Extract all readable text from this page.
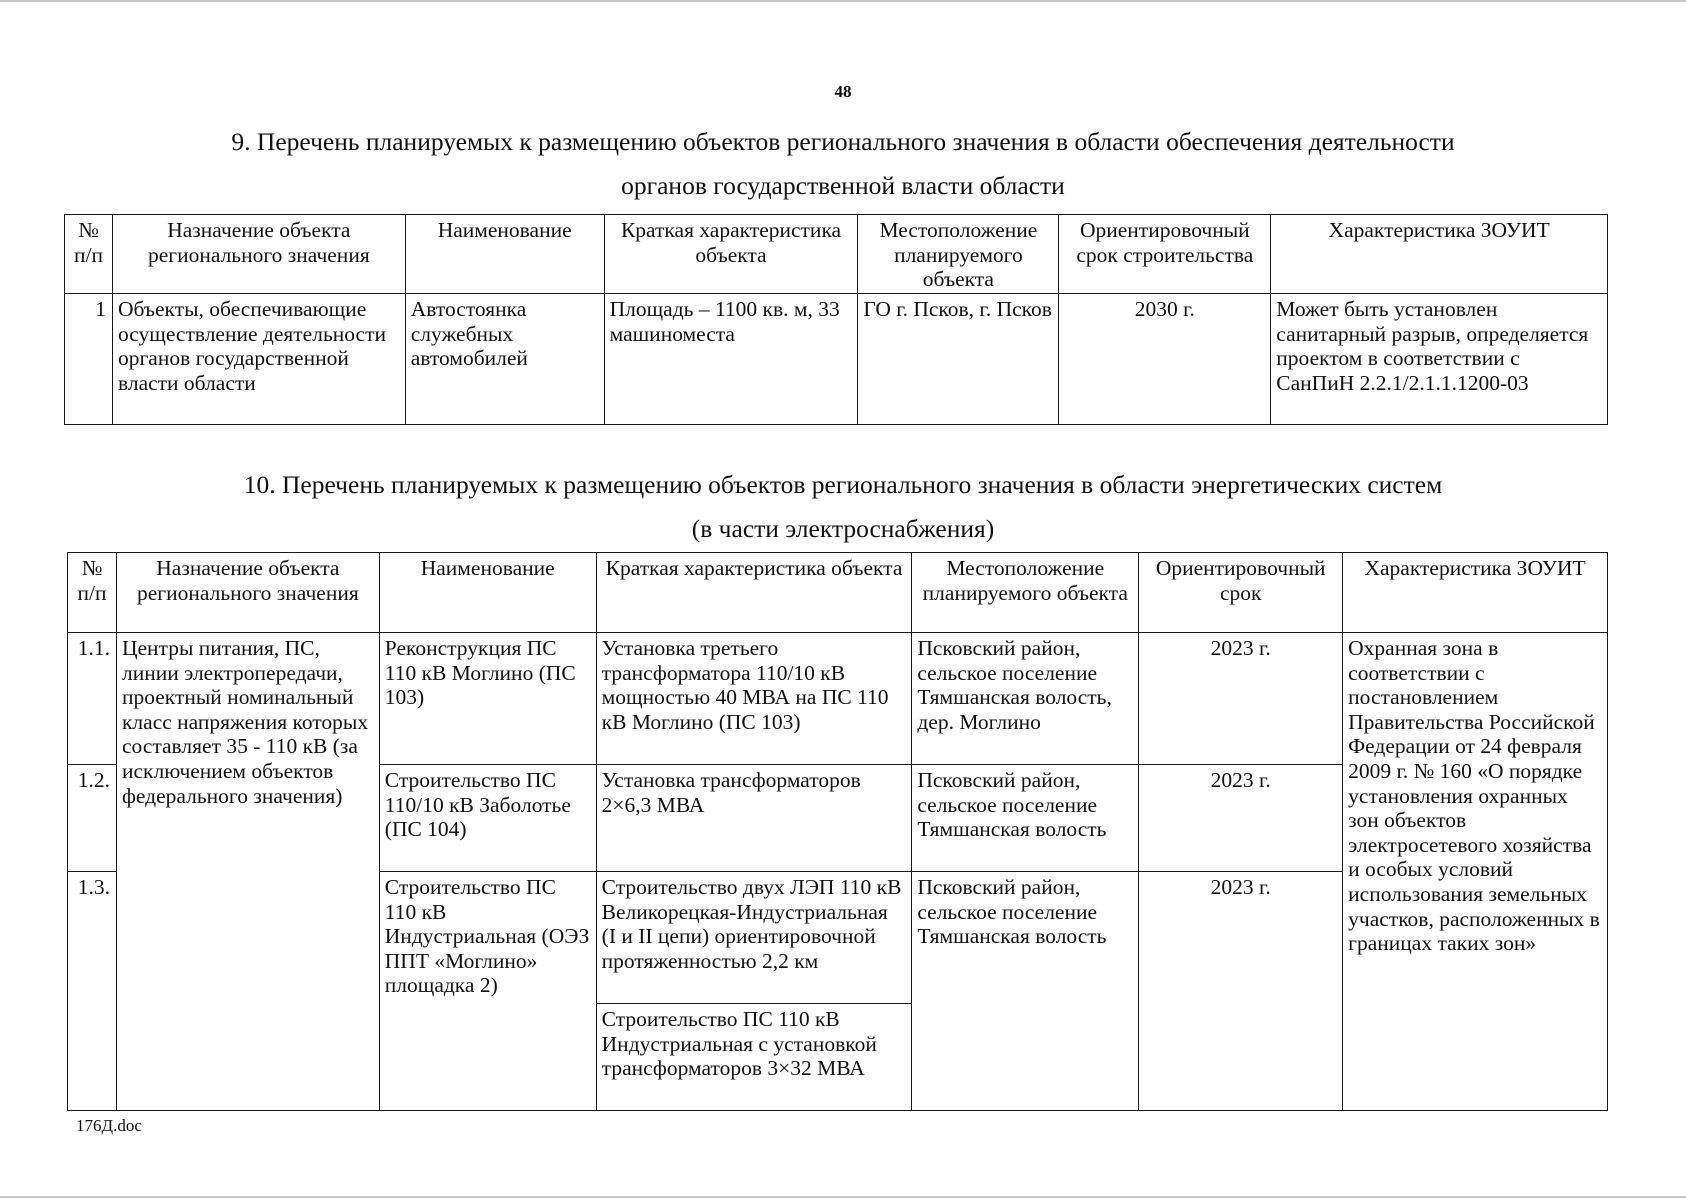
48
9. Перечень планируемых к размещению объектов регионального значения в области обеспечения деятельности
органов государственной власти области
№ п/п	Назначение объекта регионального значения	Наименование	Краткая характеристика объекта	Местоположение планируемого объекта	Ориентировочный срок строительства	Характеристика ЗОУИТ
1	Объекты, обеспечивающие осуществление деятельности органов государственной власти области	Автостоянка служебных автомобилей	Площадь – 1100 кв. м, 33 машиноместа	ГО г. Псков, г. Псков	2030 г.	Может быть установлен санитарный разрыв, определяется проектом в соответствии с СанПиН 2.2.1/2.1.1.1200-03
10. Перечень планируемых к размещению объектов регионального значения в области энергетических систем
(в части электроснабжения)
№ п/п	Назначение объекта регионального значения	Наименование	Краткая характеристика объекта	Местоположение планируемого объекта	Ориентировочный срок	Характеристика ЗОУИТ
1.1.	Центры питания, ПС, линии электропередачи, проектный номинальный класс напряжения которых составляет 35 - 110 кВ (за исключением объектов федерального значения)	Реконструкция ПС 110 кВ Моглино (ПС 103)	Установка третьего трансформатора 110/10 кВ мощностью 40 МВА на ПС 110 кВ Моглино (ПС 103)	Псковский район, сельское поселение Тямшанская волость, дер. Моглино	2023 г.	Охранная зона в соответствии с постановлением Правительства Российской Федерации от 24 февраля 2009 г. № 160 «О порядке установления охранных зон объектов электросетевого хозяйства и особых условий использования земельных участков, расположенных в границах таких зон»
1.2.		Строительство ПС 110/10 кВ Заболотье (ПС 104)	Установка трансформаторов 2×6,3 МВА	Псковский район, сельское поселение Тямшанская волость	2023 г.	
1.3.		Строительство ПС 110 кВ Индустриальная (ОЭЗ ППТ «Моглино» площадка 2)	Строительство двух ЛЭП 110 кВ Великорецкая-Индустриальная (I и II цепи) ориентировочной протяженностью 2,2 км	Псковский район, сельское поселение Тямшанская волость	2023 г.	
			Строительство ПС 110 кВ Индустриальная с установкой трансформаторов 3×32 МВА			
176Д.doc
